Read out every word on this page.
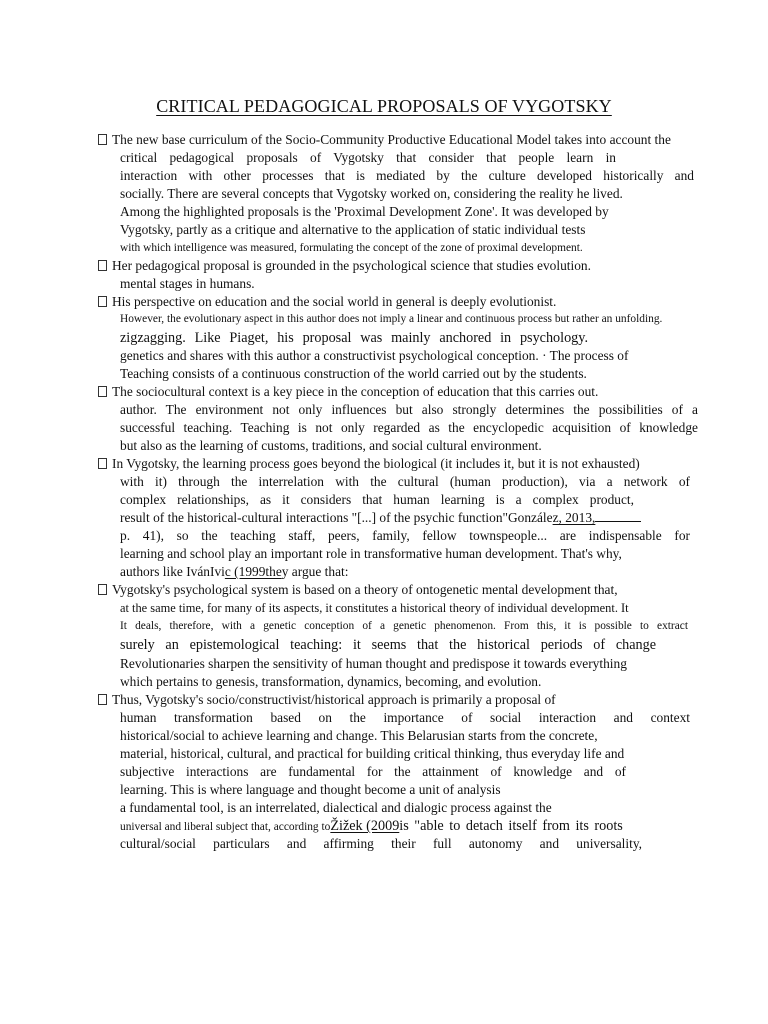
CRITICAL PEDAGOGICAL PROPOSALS OF VYGOTSKY
The new base curriculum of the Socio-Community Productive Educational Model takes into account the
critical pedagogical proposals of Vygotsky that consider that people learn in
interaction with other processes that is mediated by the culture developed historically and
socially. There are several concepts that Vygotsky worked on, considering the reality he lived.
Among the highlighted proposals is the 'Proximal Development Zone'. It was developed by
Vygotsky, partly as a critique and alternative to the application of static individual tests
with which intelligence was measured, formulating the concept of the zone of proximal development.
Her pedagogical proposal is grounded in the psychological science that studies evolution.
mental stages in humans.
His perspective on education and the social world in general is deeply evolutionist.
However, the evolutionary aspect in this author does not imply a linear and continuous process but rather an unfolding.
zigzagging. Like Piaget, his proposal was mainly anchored in psychology.
genetics and shares with this author a constructivist psychological conception. · The process of
Teaching consists of a continuous construction of the world carried out by the students.
The sociocultural context is a key piece in the conception of education that this carries out.
author. The environment not only influences but also strongly determines the possibilities of a
successful teaching. Teaching is not only regarded as the encyclopedic acquisition of knowledge
but also as the learning of customs, traditions, and social cultural environment.
In Vygotsky, the learning process goes beyond the biological (it includes it, but it is not exhausted)
with it) through the interrelation with the cultural (human production), via a network of
complex relationships, as it considers that human learning is a complex product,
result of the historical-cultural interactions "[...] of the psychic function"González, 2013,
p. 41), so the teaching staff, peers, family, fellow townspeople... are indispensable for
learning and school play an important role in transformative human development. That's why,
authors like IvánIvic (1999they argue that:
Vygotsky's psychological system is based on a theory of ontogenetic mental development that,
at the same time, for many of its aspects, it constitutes a historical theory of individual development. It
It deals, therefore, with a genetic conception of a genetic phenomenon. From this, it is possible to extract
surely an epistemological teaching: it seems that the historical periods of change
Revolutionaries sharpen the sensitivity of human thought and predispose it towards everything
which pertains to genesis, transformation, dynamics, becoming, and evolution.
Thus, Vygotsky's socio/constructivist/historical approach is primarily a proposal of
human transformation based on the importance of social interaction and context
historical/social to achieve learning and change. This Belarusian starts from the concrete,
material, historical, cultural, and practical for building critical thinking, thus everyday life and
subjective interactions are fundamental for the attainment of knowledge and of
learning. This is where language and thought become a unit of analysis
a fundamental tool, is an interrelated, dialectical and dialogic process against the
universal and liberal subject that, according toŽižek (2009is "able to detach itself from its roots
cultural/social particulars and affirming their full autonomy and universality,
